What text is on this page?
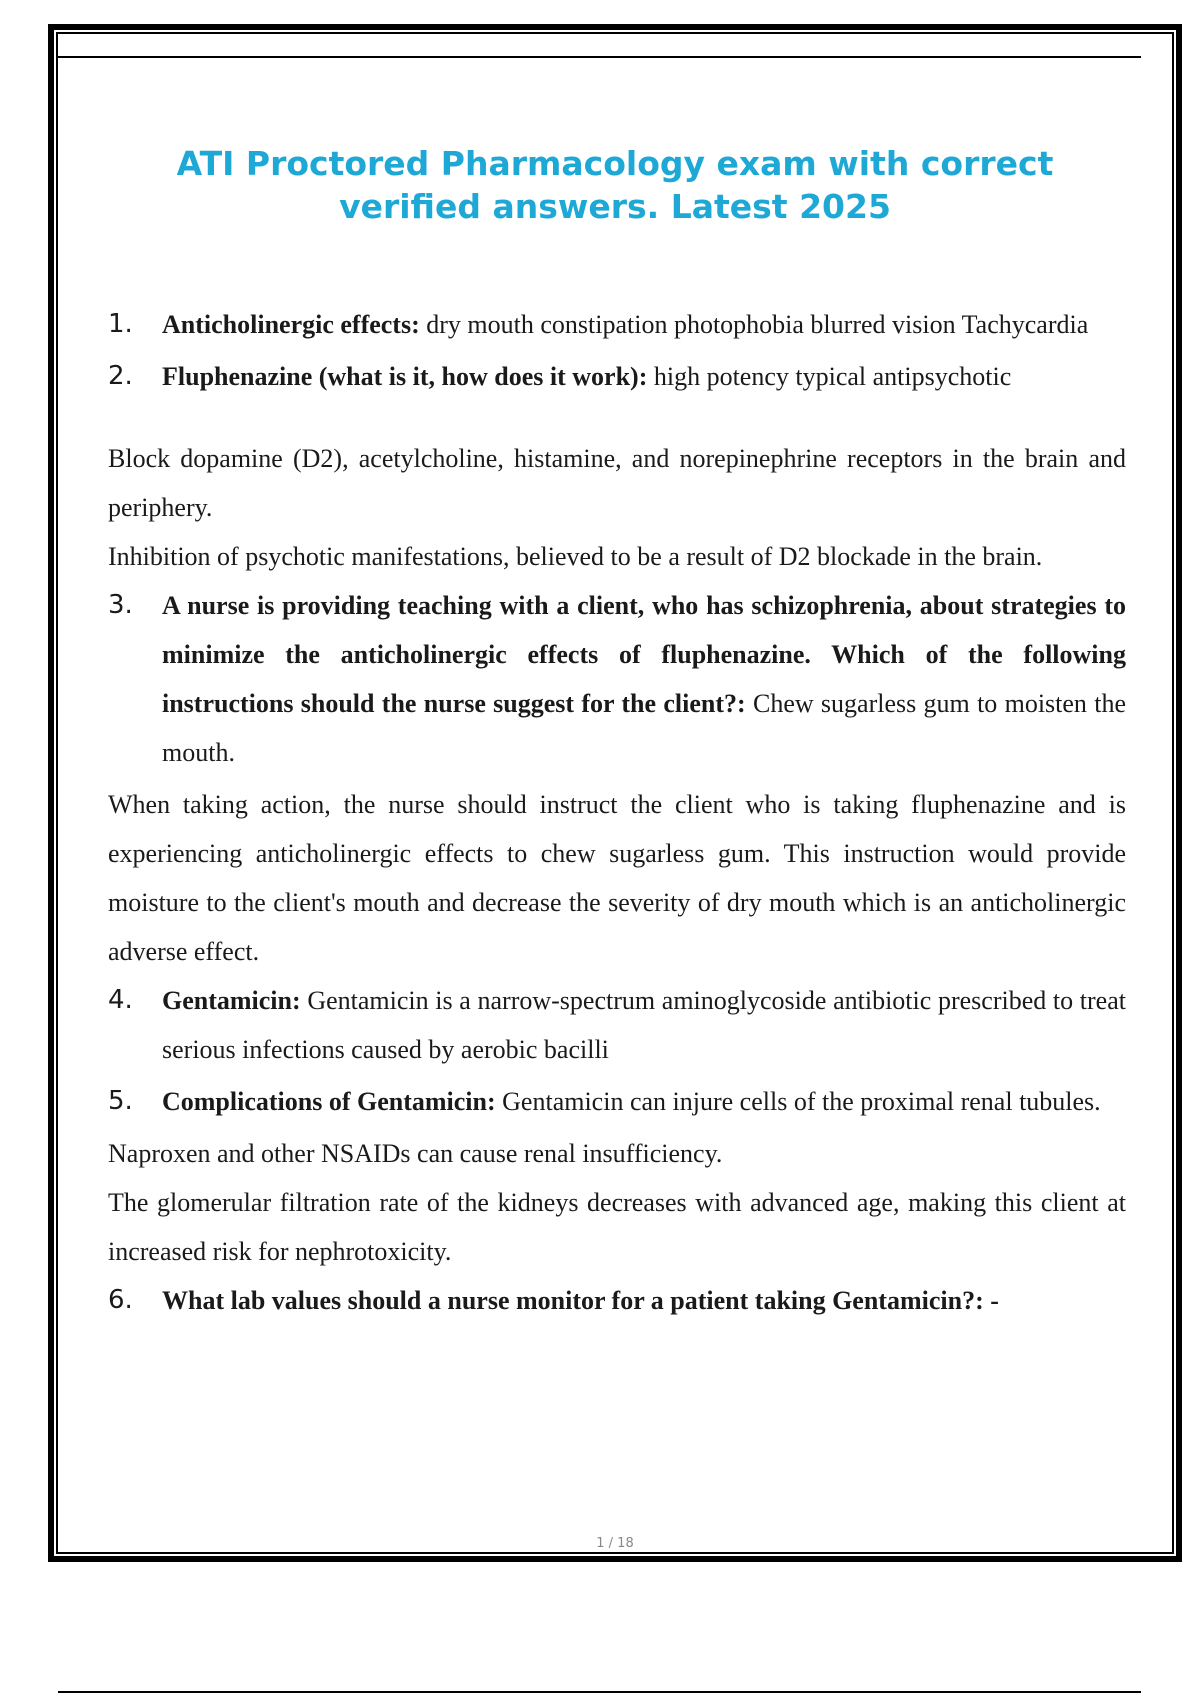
ATI Proctored Pharmacology exam with correct verified answers. Latest 2025
1. Anticholinergic effects: dry mouth constipation photophobia blurred vision Tachycardia
2. Fluphenazine (what is it, how does it work): high potency typical antipsychotic

Block dopamine (D2), acetylcholine, histamine, and norepinephrine receptors in the brain and periphery.

Inhibition of psychotic manifestations, believed to be a result of D2 blockade in the brain.

3. A nurse is providing teaching with a client, who has schizophrenia, about strategies to minimize the anticholinergic effects of fluphenazine. Which of the following instructions should the nurse suggest for the client?: Chew sugarless gum to moisten the mouth.

When taking action, the nurse should instruct the client who is taking fluphenazine and is experiencing anticholinergic effects to chew sugarless gum. This instruction would provide moisture to the client's mouth and decrease the severity of dry mouth which is an anticholinergic adverse effect.

4. Gentamicin: Gentamicin is a narrow-spectrum aminoglycoside antibiotic prescribed to treat serious infections caused by aerobic bacilli
5. Complications of Gentamicin: Gentamicin can injure cells of the proximal renal tubules.

Naproxen and other NSAIDs can cause renal insufficiency.

The glomerular filtration rate of the kidneys decreases with advanced age, making this client at increased risk for nephrotoxicity.

6. What lab values should a nurse monitor for a patient taking Gentamicin?: -
1 / 18
